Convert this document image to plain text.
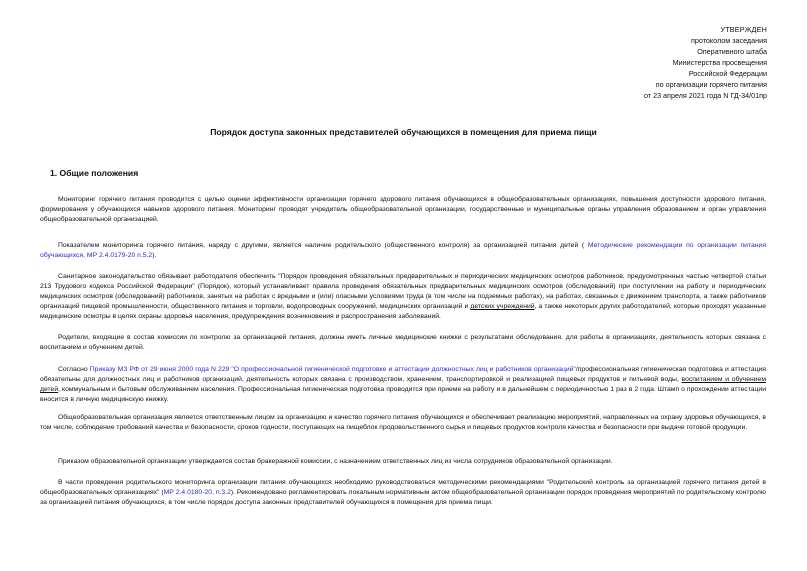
УТВЕРЖДЕН
протоколом заседания
Оперативного штаба
Министерства просвещения
Российской Федерации
по организации горячего питания
от 23 апреля 2021 года N ГД-34/01пр
Порядок доступа законных представителей обучающихся в помещения для приема пищи
1. Общие положения
Мониторинг горячего питания проводится с целью оценки эффективности организации горячего здорового питания обучающихся в общеобразовательных организациях, повышения доступности здорового питания, формирования у обучающихся навыков здорового питания. Мониторинг проводят учредитель общеобразовательной организации, государственные и муниципальные органы управления образованием и орган управления общеобразовательной организацией.
Показателем мониторинга горячего питания, наряду с другими, является наличие родительского (общественного контроля) за организацией питания детей ( Методические рекомендации по организации питания обучающихся, МР 2.4.0179-20 п.5.2).
Санитарное законодательство обязывает работодателя обеспечить "Порядок проведения обязательных предварительных и периодических медицинских осмотров работников, предусмотренных частью четвертой статьи 213 Трудового кодекса Российской Федерации" (Порядок), который устанавливает правила проведения обязательных предварительных медицинских осмотров (обследований) при поступлении на работу и периодических медицинских осмотров (обследований) работников, занятых на работах с вредными и (или) опасными условиями труда (в том числе на подземных работах), на работах, связанных с движением транспорта, а также работников организаций пищевой промышленности, общественного питания и торговли, водопроводных сооружений, медицинских организаций и детских учреждений, а также некоторых других работодателей, которые проходят указанные медицинские осмотры в целях охраны здоровья населения, предупреждения возникновения и распространения заболеваний.
Родители, входящие в состав комиссии по контролю за организацией питания, должны иметь личные медицинские книжки с результатами обследования, для работы в организациях, деятельность которых связана с воспитанием и обучением детей.
Согласно Приказу МЗ РФ от 29 июня 2000 года N 229 "О профессиональной гигиенической подготовке и аттестации должностных лиц и работников организаций"/профессиональная гигиеническая подготовка и аттестация обязательны для должностных лиц и работников организаций, деятельность которых связана с производством, хранением, транспортировкой и реализацией пищевых продуктов и питьевой воды, воспитанием и обучением детей, коммунальным и бытовым обслуживанием населения. Профессиональная гигиеническая подготовка проводится при приеме на работу и в дальнейшем с периодичностью 1 раз в 2 года. Штамп о прохождении аттестации вносится в личную медицинскую книжку.
Общеобразовательная организация является ответственным лицом за организацию и качество горячего питания обучающихся и обеспечивает реализацию мероприятий, направленных на охрану здоровья обучающихся, в том числе, соблюдение требований качества и безопасности, сроков годности, поступающих на пищеблок продовольственного сырья и пищевых продуктов контроля качества и безопасности при выдаче готовой продукции.
Приказом образовательной организации утверждается состав бракеражной комиссии, с назначением ответственных лиц из числа сотрудников образовательной организации.
В части проведения родительского мониторинга организации питания обучающихся необходимо руководствоваться методическими рекомендациями "Родительский контроль за организацией горячего питания детей в общеобразовательных организациях" (МР 2.4.0180-20, п.3.2). Рекомендовано регламентировать локальным нормативным актом общеобразовательной организации порядок проведения мероприятий по родительскому контролю за организацией питания обучающихся, в том числе порядок доступа законных представителей обучающихся в помещения для приема пищи.
